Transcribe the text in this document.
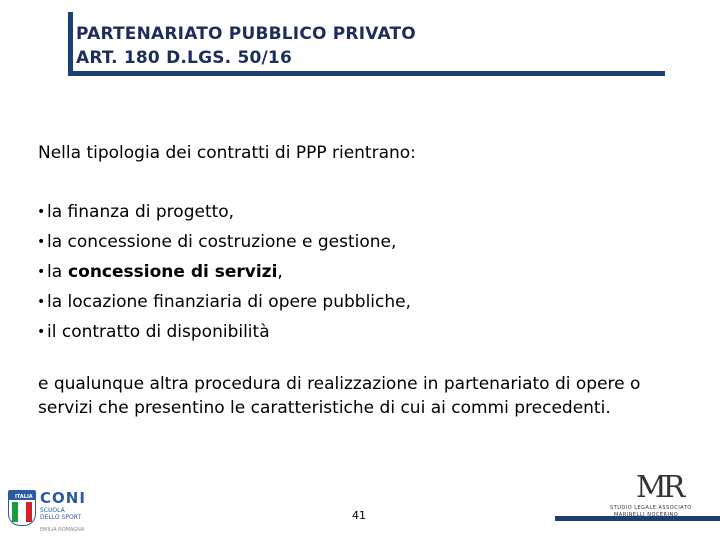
PARTENARIATO PUBBLICO PRIVATO
ART. 180 D.LGS. 50/16
Nella tipologia dei contratti di PPP rientrano:
• la finanza di progetto,
• la concessione di costruzione e gestione,
• la concessione di servizi,
• la locazione finanziaria di opere pubbliche,
• il contratto di disponibilità
e qualunque altra procedura di realizzazione in partenariato di opere o servizi che presentino le caratteristiche di cui ai commi precedenti.
ITALIA CONI
SCUOLA
DELLO SPORT
EMILIA ROMAGNA
41
MR
STUDIO LEGALE ASSOCIATO
MARINELLI NOCERINO
